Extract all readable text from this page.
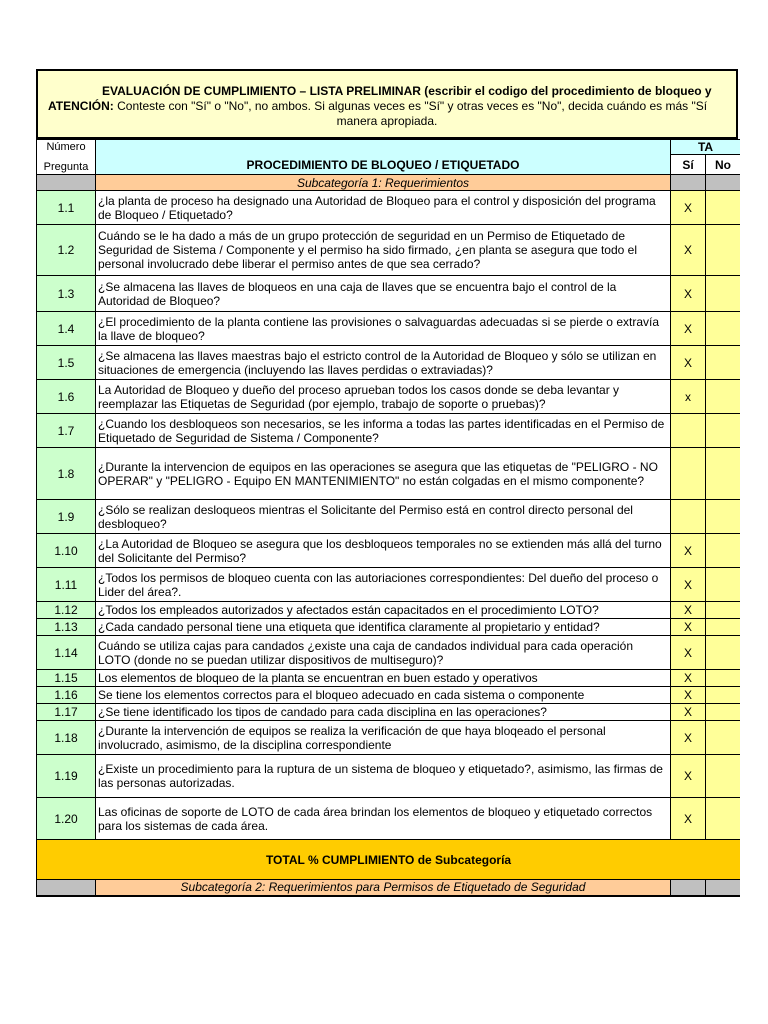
EVALUACIÓN DE CUMPLIMIENTO – LISTA PRELIMINAR (escribir el codigo del procedimiento de bloqueo y
ATENCIÓN: Conteste con "Sí" o "No", no ambos. Si algunas veces es "Sí" y otras veces es "No", decida cuándo es más "Sí
manera apropiada.
Número
Pregunta	PROCEDIMIENTO DE BLOQUEO / ETIQUETADO	TA	
		Sí	No
	Subcategoría 1: Requerimientos		
1.1	¿la planta de proceso ha designado una Autoridad de Bloqueo para el control y disposición del programa de Bloqueo / Etiquetado?	X	
1.2	Cuándo se le ha dado a más de un grupo protección de seguridad en un Permiso de Etiquetado de Seguridad de Sistema / Componente y el permiso ha sido firmado, ¿en planta se asegura que todo el personal involucrado debe liberar el permiso antes de que sea cerrado?	X	
1.3	¿Se almacena las llaves de bloqueos en una caja de llaves que se encuentra bajo el control de la Autoridad de Bloqueo?	X	
1.4	¿El procedimiento de la planta contiene las provisiones o salvaguardas adecuadas si se pierde o extravía la llave de bloqueo?	X	
1.5	¿Se almacena las llaves maestras bajo el estricto control de la Autoridad de Bloqueo y sólo se utilizan en situaciones de emergencia (incluyendo las llaves perdidas o extraviadas)?	X	
1.6	La Autoridad de Bloqueo y dueño del proceso aprueban todos los casos donde se deba levantar y reemplazar las Etiquetas de Seguridad (por ejemplo, trabajo de soporte o pruebas)?	x	
1.7	¿Cuando los desbloqueos son necesarios, se les informa a todas las partes identificadas en el Permiso de Etiquetado de Seguridad de Sistema / Componente?		
1.8	¿Durante la intervencion de equipos en las operaciones se asegura que las etiquetas de "PELIGRO - NO OPERAR" y "PELIGRO - Equipo EN MANTENIMIENTO" no están colgadas en el mismo componente?		
1.9	¿Sólo se realizan desloqueos mientras el Solicitante del Permiso está en control directo personal del desbloqueo?		
1.10	¿La Autoridad de Bloqueo se asegura que los desbloqueos temporales no se extienden más allá del turno del Solicitante del Permiso?	X	
1.11	¿Todos los permisos de bloqueo cuenta con las autoriaciones correspondientes: Del dueño del proceso o Lider del área?.	X	
1.12	¿Todos los empleados autorizados y afectados están capacitados en el procedimiento LOTO?	X	
1.13	¿Cada candado personal tiene una etiqueta que identifica claramente al propietario y entidad?	X	
1.14	Cuándo se utiliza cajas para candados ¿existe una caja de candados individual para cada operación LOTO (donde no se puedan utilizar dispositivos de multiseguro)?	X	
1.15	Los elementos de bloqueo de la planta se encuentran en buen estado y operativos	X	
1.16	Se tiene los elementos correctos para el bloqueo adecuado en cada sistema o componente	X	
1.17	¿Se tiene identificado los tipos de candado para cada disciplina en las operaciones?	X	
1.18	¿Durante la intervención de equipos se realiza la verificación de que haya bloqeado el personal involucrado, asimismo, de la disciplina correspondiente	X	
1.19	¿Existe un procedimiento para la ruptura de un sistema de bloqueo y etiquetado?, asimismo, las firmas de las personas autorizadas.	X	
1.20	Las oficinas de soporte de LOTO de cada área brindan los elementos de bloqueo y etiquetado correctos para los sistemas de cada área.	X	
TOTAL % CUMPLIMIENTO de Subcategoría			
	Subcategoría 2: Requerimientos para Permisos de Etiquetado de Seguridad		
